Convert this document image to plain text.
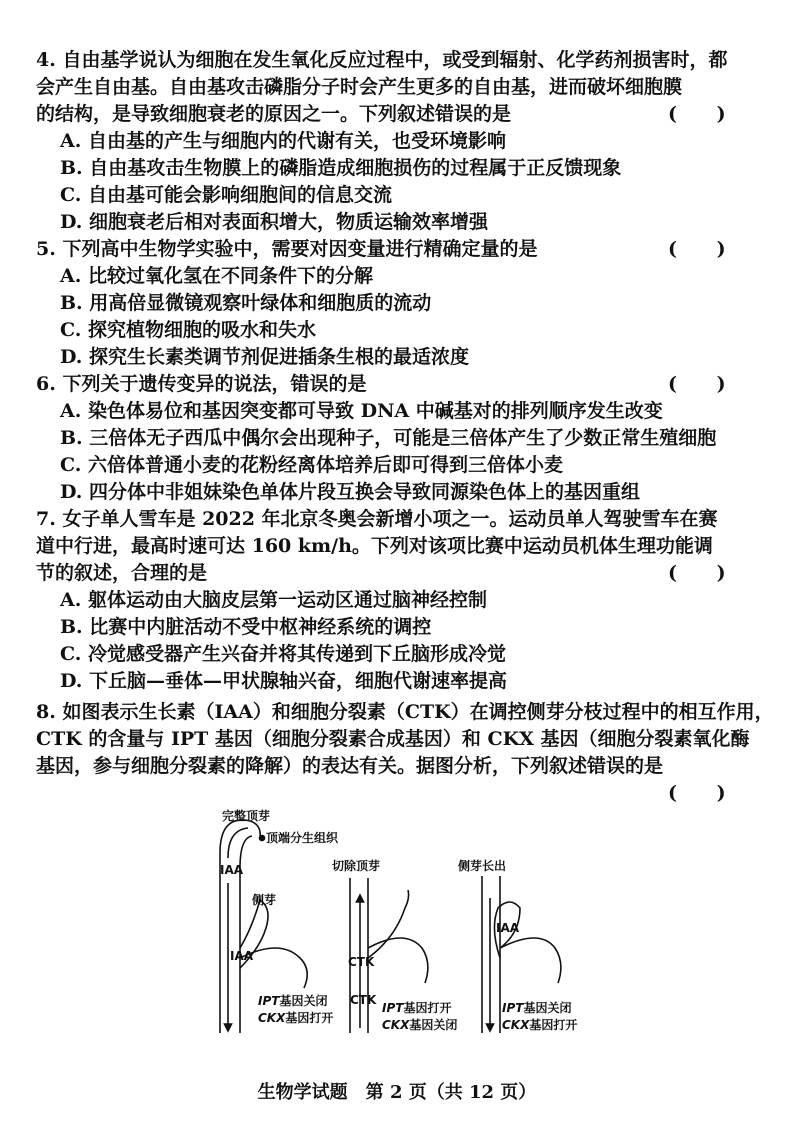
4. 自由基学说认为细胞在发生氧化反应过程中，或受到辐射、化学药剂损害时，都
会产生自由基。自由基攻击磷脂分子时会产生更多的自由基，进而破坏细胞膜
的结构，是导致细胞衰老的原因之一。下列叙述错误的是	(      )
A. 自由基的产生与细胞内的代谢有关，也受环境影响
B. 自由基攻击生物膜上的磷脂造成细胞损伤的过程属于正反馈现象
C. 自由基可能会影响细胞间的信息交流
D. 细胞衰老后相对表面积增大，物质运输效率增强
5. 下列高中生物学实验中，需要对因变量进行精确定量的是	(      )
A. 比较过氧化氢在不同条件下的分解
B. 用高倍显微镜观察叶绿体和细胞质的流动
C. 探究植物细胞的吸水和失水
D. 探究生长素类调节剂促进插条生根的最适浓度
6. 下列关于遗传变异的说法，错误的是	(      )
A. 染色体易位和基因突变都可导致 DNA 中碱基对的排列顺序发生改变
B. 三倍体无子西瓜中偶尔会出现种子，可能是三倍体产生了少数正常生殖细胞
C. 六倍体普通小麦的花粉经离体培养后即可得到三倍体小麦
D. 四分体中非姐妹染色单体片段互换会导致同源染色体上的基因重组
7. 女子单人雪车是 2022 年北京冬奥会新增小项之一。运动员单人驾驶雪车在赛
道中行进，最高时速可达 160 km/h。下列对该项比赛中运动员机体生理功能调
节的叙述，合理的是	(      )
A. 躯体运动由大脑皮层第一运动区通过脑神经控制
B. 比赛中内脏活动不受中枢神经系统的调控
C. 冷觉感受器产生兴奋并将其传递到下丘脑形成冷觉
D. 下丘脑—垂体—甲状腺轴兴奋，细胞代谢速率提高
8. 如图表示生长素（IAA）和细胞分裂素（CTK）在调控侧芽分枝过程中的相互作用，
CTK 的含量与 IPT 基因（细胞分裂素合成基因）和 CKX 基因（细胞分裂素氧化酶
基因，参与细胞分裂素的降解）的表达有关。据图分析，下列叙述错误的是
(      )
完整顶芽
顶端分生组织
IAA
侧芽
IAA
IPT基因关闭
CKX基因打开
切除顶芽
CTK
CTK
IPT基因打开
CKX基因关闭
侧芽长出
IAA
IPT基因关闭
CKX基因打开
生物学试题　第 2 页（共 12 页）
